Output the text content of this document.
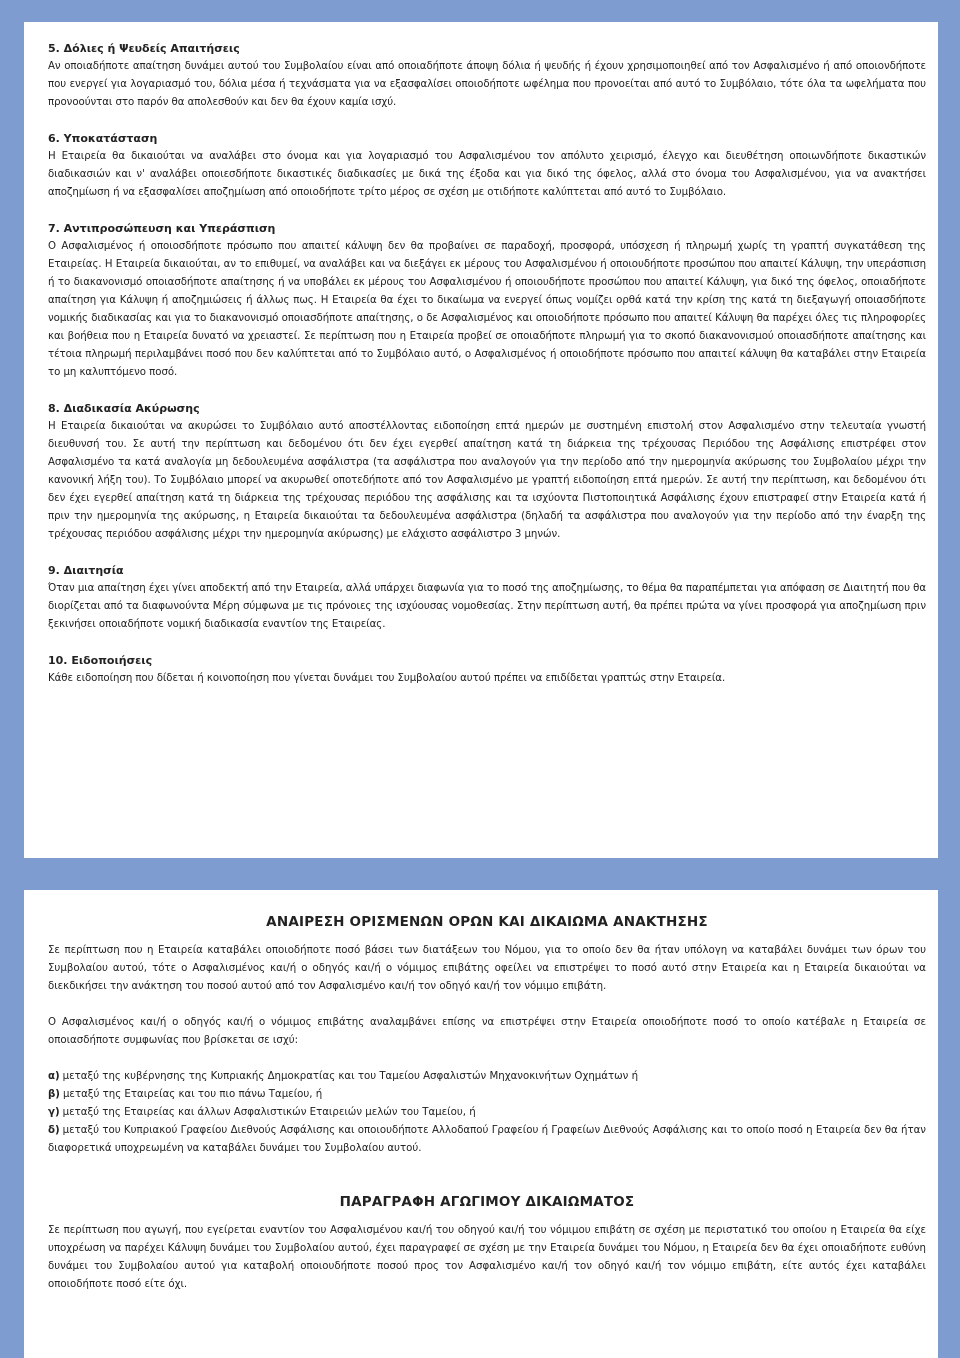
5. Δόλιες ή Ψευδείς Απαιτήσεις

Αν οποιαδήποτε απαίτηση δυνάμει αυτού του Συμβολαίου είναι από οποιαδήποτε άποψη δόλια ή ψευδής ή έχουν χρησιμοποιηθεί από τον Ασφαλισμένο ή από οποιονδήποτε που ενεργεί για λογαριασμό του, δόλια μέσα ή τεχνάσματα για να εξασφαλίσει οποιοδήποτε ωφέλημα που προνοείται από αυτό το Συμβόλαιο, τότε όλα τα ωφελήματα που προνοούνται στο παρόν θα απολεσθούν και δεν θα έχουν καμία ισχύ.

6. Υποκατάσταση

Η Εταιρεία θα δικαιούται να αναλάβει στο όνομα και για λογαριασμό του Ασφαλισμένου τον απόλυτο χειρισμό, έλεγχο και διευθέτηση οποιωνδήποτε δικαστικών διαδικασιών και ν' αναλάβει οποιεσδήποτε δικαστικές διαδικασίες με δικά της έξοδα και για δικό της όφελος, αλλά στο όνομα του Ασφαλισμένου, για να ανακτήσει αποζημίωση ή να εξασφαλίσει αποζημίωση από οποιοδήποτε τρίτο μέρος σε σχέση με οτιδήποτε καλύπτεται από αυτό το Συμβόλαιο.

7. Αντιπροσώπευση και Υπεράσπιση

Ο Ασφαλισμένος ή οποιοσδήποτε πρόσωπο που απαιτεί κάλυψη δεν θα προβαίνει σε παραδοχή, προσφορά, υπόσχεση ή πληρωμή χωρίς τη γραπτή συγκατάθεση της Εταιρείας. Η Εταιρεία δικαιούται, αν το επιθυμεί, να αναλάβει και να διεξάγει εκ μέρους του Ασφαλισμένου ή οποιουδήποτε προσώπου που απαιτεί Κάλυψη, την υπεράσπιση ή το διακανονισμό οποιασδήποτε απαίτησης ή να υποβάλει εκ μέρους του Ασφαλισμένου ή οποιουδήποτε προσώπου που απαιτεί Κάλυψη, για δικό της όφελος, οποιαδήποτε απαίτηση για Κάλυψη ή αποζημιώσεις ή άλλως πως. Η Εταιρεία θα έχει το δικαίωμα να ενεργεί όπως νομίζει ορθά κατά την κρίση της κατά τη διεξαγωγή οποιασδήποτε νομικής διαδικασίας και για το διακανονισμό οποιασδήποτε απαίτησης, ο δε Ασφαλισμένος και οποιοδήποτε πρόσωπο που απαιτεί Κάλυψη θα παρέχει όλες τις πληροφορίες και βοήθεια που η Εταιρεία δυνατό να χρειαστεί. Σε περίπτωση που η Εταιρεία προβεί σε οποιαδήποτε πληρωμή για το σκοπό διακανονισμού οποιασδήποτε απαίτησης και τέτοια πληρωμή περιλαμβάνει ποσό που δεν καλύπτεται από το Συμβόλαιο αυτό, ο Ασφαλισμένος ή οποιοδήποτε πρόσωπο που απαιτεί κάλυψη θα καταβάλει στην Εταιρεία το μη καλυπτόμενο ποσό.

8. Διαδικασία Ακύρωσης

Η Εταιρεία δικαιούται να ακυρώσει το Συμβόλαιο αυτό αποστέλλοντας ειδοποίηση επτά ημερών με συστημένη επιστολή στον Ασφαλισμένο στην τελευταία γνωστή διευθυνσή του. Σε αυτή την περίπτωση και δεδομένου ότι δεν έχει εγερθεί απαίτηση κατά τη διάρκεια της τρέχουσας Περιόδου της Ασφάλισης επιστρέφει στον Ασφαλισμένο τα κατά αναλογία μη δεδουλευμένα ασφάλιστρα (τα ασφάλιστρα που αναλογούν για την περίοδο από την ημερομηνία ακύρωσης του Συμβολαίου μέχρι την κανονική λήξη του). Το Συμβόλαιο μπορεί να ακυρωθεί οποτεδήποτε από τον Ασφαλισμένο με γραπτή ειδοποίηση επτά ημερών. Σε αυτή την περίπτωση, και δεδομένου ότι δεν έχει εγερθεί απαίτηση κατά τη διάρκεια της τρέχουσας περιόδου της ασφάλισης και τα ισχύοντα Πιστοποιητικά Ασφάλισης έχουν επιστραφεί στην Εταιρεία κατά ή πριν την ημερομηνία της ακύρωσης, η Εταιρεία δικαιούται τα δεδουλευμένα ασφάλιστρα (δηλαδή τα ασφάλιστρα που αναλογούν για την περίοδο από την έναρξη της τρέχουσας περιόδου ασφάλισης μέχρι την ημερομηνία ακύρωσης) με ελάχιστο ασφάλιστρο 3 μηνών.

9. Διαιτησία

Όταν μια απαίτηση έχει γίνει αποδεκτή από την Εταιρεία, αλλά υπάρχει διαφωνία για το ποσό της αποζημίωσης, το θέμα θα παραπέμπεται για απόφαση σε Διαιτητή που θα διορίζεται από τα διαφωνούντα Μέρη σύμφωνα με τις πρόνοιες της ισχύουσας νομοθεσίας. Στην περίπτωση αυτή, θα πρέπει πρώτα να γίνει προσφορά για αποζημίωση πριν ξεκινήσει οποιαδήποτε νομική διαδικασία εναντίον της Εταιρείας.

10. Ειδοποιήσεις

Κάθε ειδοποίηση που δίδεται ή κοινοποίηση που γίνεται δυνάμει του Συμβολαίου αυτού πρέπει να επιδίδεται γραπτώς στην Εταιρεία.

ΑΝΑΙΡΕΣΗ ΟΡΙΣΜΕΝΩΝ ΟΡΩΝ ΚΑΙ ΔΙΚΑΙΩΜΑ ΑΝΑΚΤΗΣΗΣ

Σε περίπτωση που η Εταιρεία καταβάλει οποιοδήποτε ποσό βάσει των διατάξεων του Νόμου, για το οποίο δεν θα ήταν υπόλογη να καταβάλει δυνάμει των όρων του Συμβολαίου αυτού, τότε ο Ασφαλισμένος και/ή ο οδηγός και/ή ο νόμιμος επιβάτης οφείλει να επιστρέψει το ποσό αυτό στην Εταιρεία και η Εταιρεία δικαιούται να διεκδικήσει την ανάκτηση του ποσού αυτού από τον Ασφαλισμένο και/ή τον οδηγό και/ή τον νόμιμο επιβάτη.

Ο Ασφαλισμένος και/ή ο οδηγός και/ή ο νόμιμος επιβάτης αναλαμβάνει επίσης να επιστρέψει στην Εταιρεία οποιοδήποτε ποσό το οποίο κατέβαλε η Εταιρεία σε οποιασδήποτε συμφωνίας που βρίσκεται σε ισχύ:

α) μεταξύ της κυβέρνησης της Κυπριακής Δημοκρατίας και του Ταμείου Ασφαλιστών Μηχανοκινήτων Οχημάτων ή

β) μεταξύ της Εταιρείας και του πιο πάνω Ταμείου, ή

γ) μεταξύ της Εταιρείας και άλλων Ασφαλιστικών Εταιρειών μελών του Ταμείου, ή

δ) μεταξύ του Κυπριακού Γραφείου Διεθνούς Ασφάλισης και οποιουδήποτε Αλλοδαπού Γραφείου ή Γραφείων Διεθνούς Ασφάλισης και το οποίο ποσό η Εταιρεία δεν θα ήταν διαφορετικά υποχρεωμένη να καταβάλει δυνάμει του Συμβολαίου αυτού.

ΠΑΡΑΓΡΑΦΗ ΑΓΩΓΙΜΟΥ ΔΙΚΑΙΩΜΑΤΟΣ

Σε περίπτωση που αγωγή, που εγείρεται εναντίον του Ασφαλισμένου και/ή του οδηγού και/ή του νόμιμου επιβάτη σε σχέση με περιστατικό του οποίου η Εταιρεία θα είχε υποχρέωση να παρέχει Κάλυψη δυνάμει του Συμβολαίου αυτού, έχει παραγραφεί σε σχέση με την Εταιρεία δυνάμει του Νόμου, η Εταιρεία δεν θα έχει οποιαδήποτε ευθύνη δυνάμει του Συμβολαίου αυτού για καταβολή οποιουδήποτε ποσού προς τον Ασφαλισμένο και/ή τον οδηγό και/ή τον νόμιμο επιβάτη, είτε αυτός έχει καταβάλει οποιοδήποτε ποσό είτε όχι.
